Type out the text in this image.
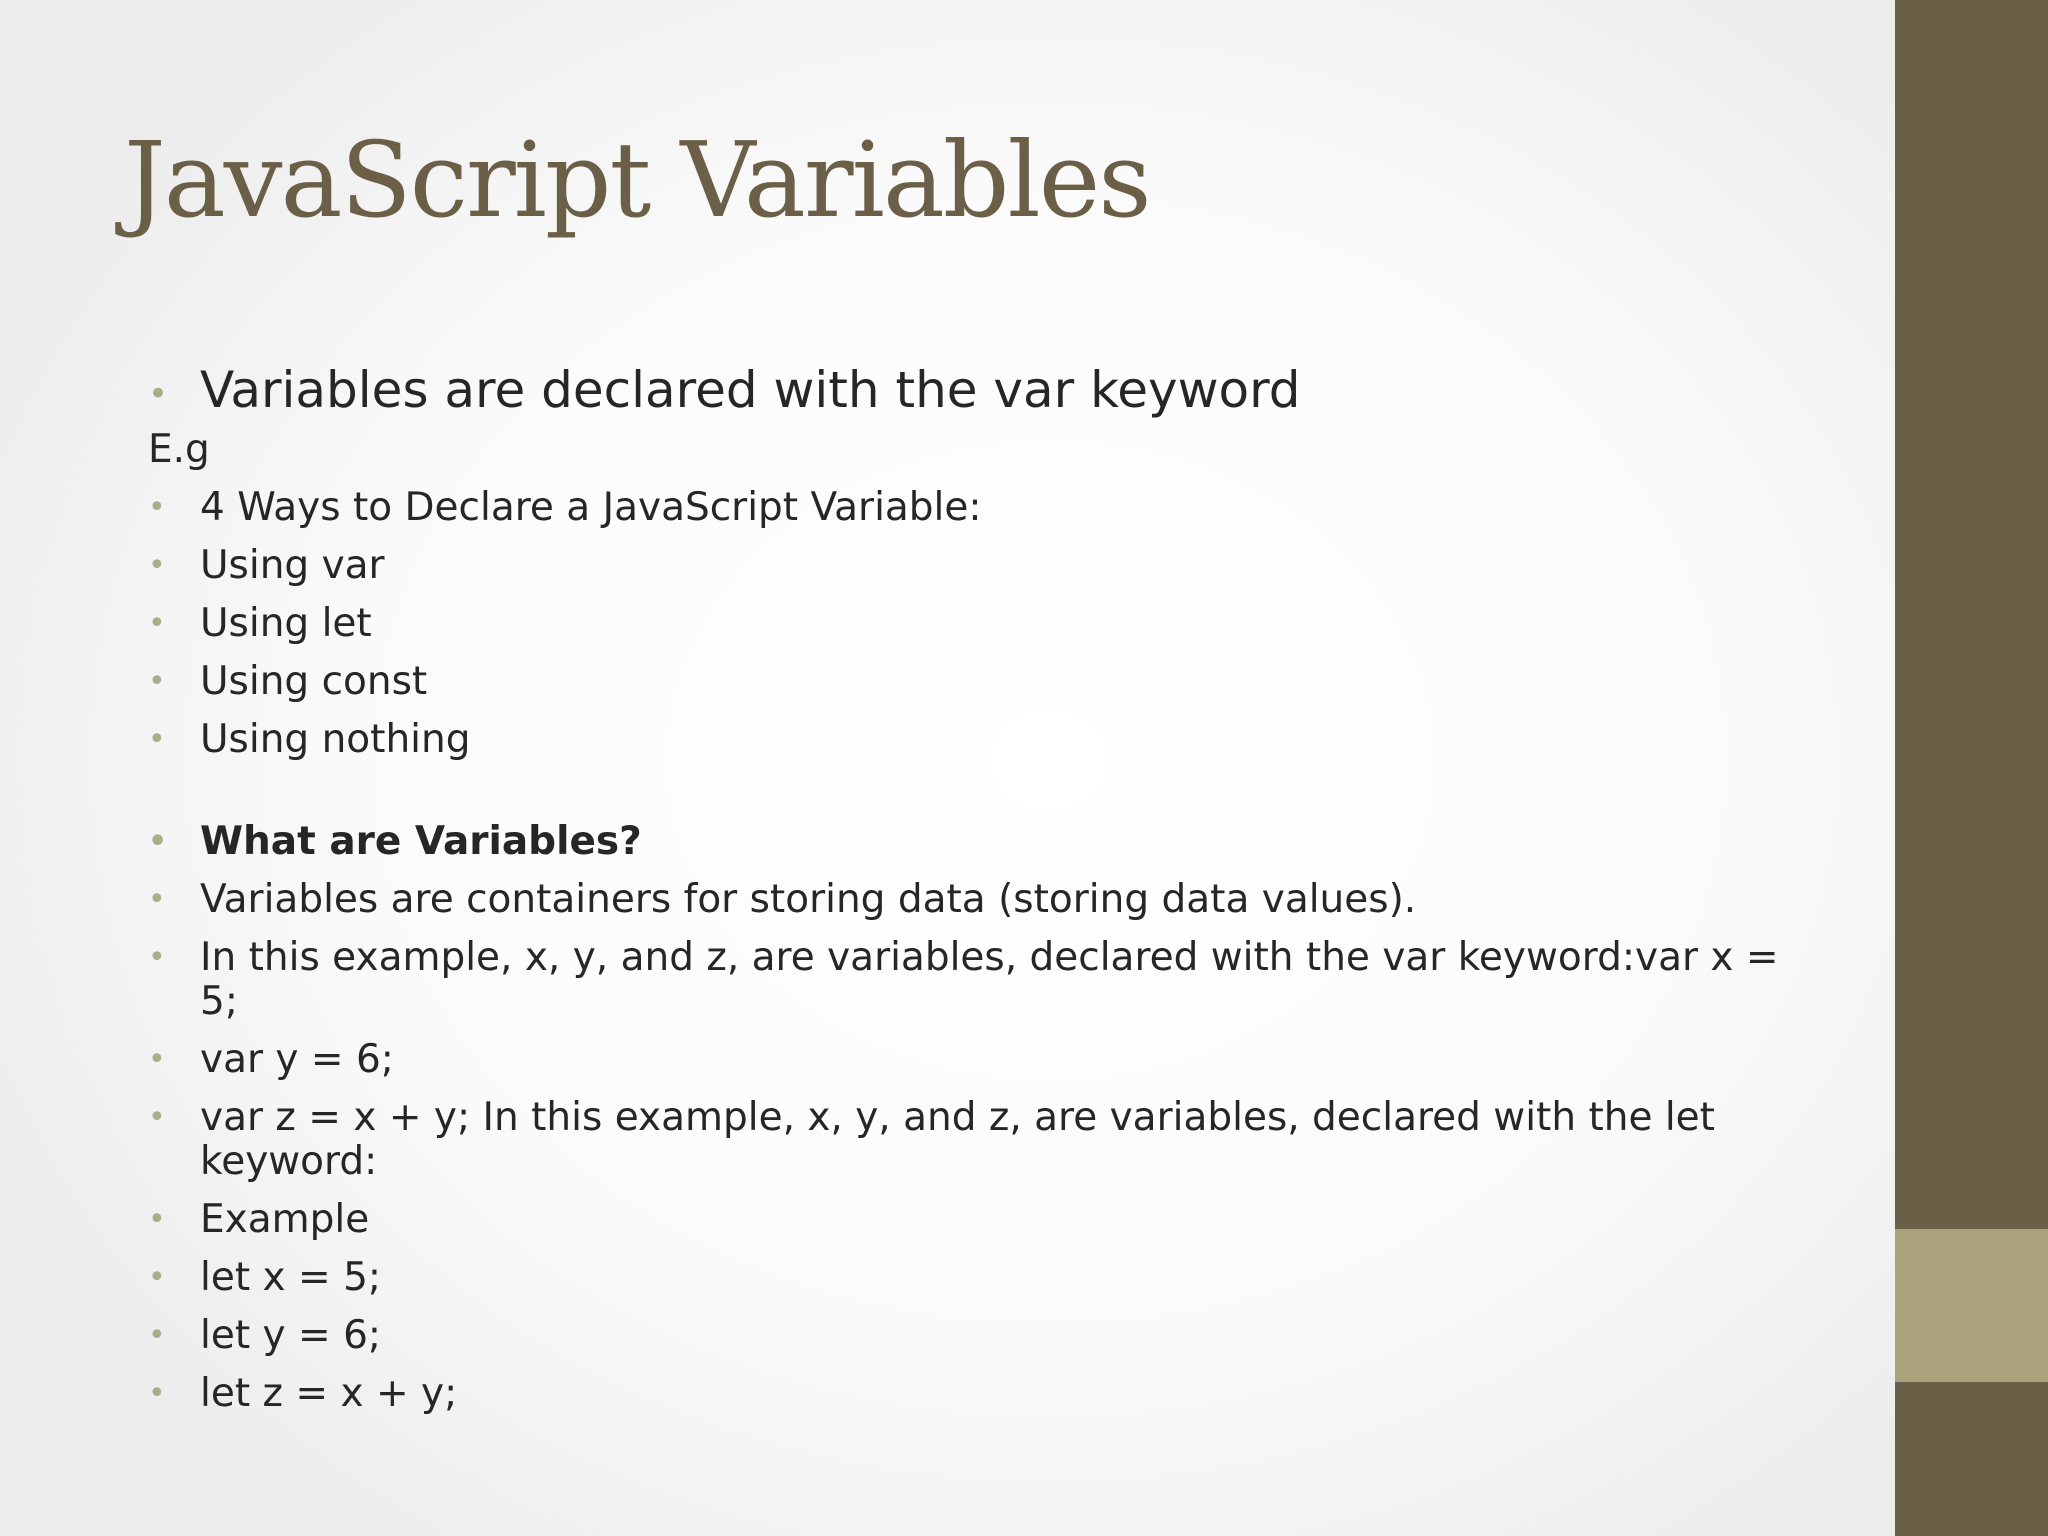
JavaScript Variables
• Variables are declared with the var keyword
E.g
• 4 Ways to Declare a JavaScript Variable:
• Using var
• Using let
• Using const
• Using nothing
• What are Variables?
• Variables are containers for storing data (storing data values).
• In this example, x, y, and z, are variables, declared with the var keyword:var x = 5;
• var y = 6;
• var z = x + y; In this example, x, y, and z, are variables, declared with the let keyword:
• Example
• let x = 5;
• let y = 6;
• let z = x + y;
